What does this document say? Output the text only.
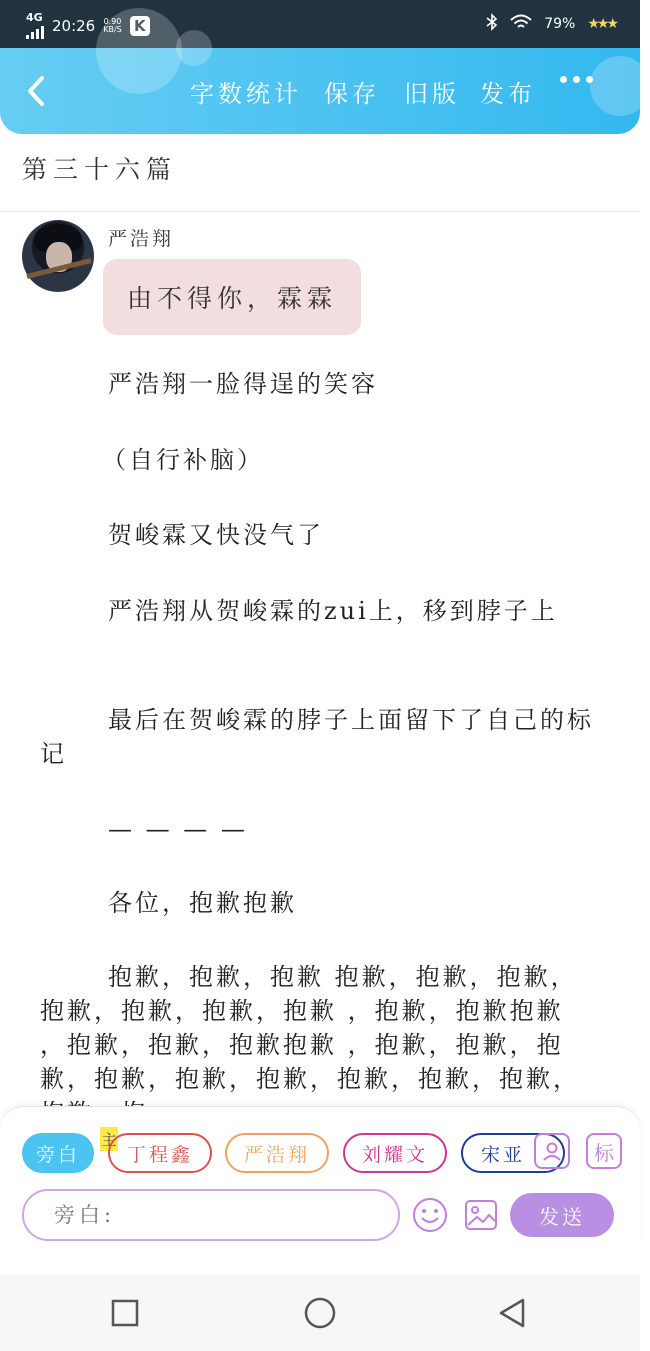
4G 20:26 0.90
KB/S K	79% ★★★
字数统计 保存 旧版 发布
第三十六篇
严浩翔
由不得你，霖霖

严浩翔一脸得逞的笑容

（自行补脑）

贺峻霖又快没气了

严浩翔从贺峻霖的zui上，移到脖子上

最后在贺峻霖的脖子上面留下了自己的标记

— — — —

各位，抱歉抱歉

抱歉，抱歉，抱歉 抱歉，抱歉，抱歉，抱歉，抱歉，抱歉，抱歉 ，抱歉，抱歉抱歉 ，抱歉，抱歉，抱歉抱歉 ，抱歉，抱歉，抱歉，抱歉，抱歉，抱歉，抱歉，抱歉，抱歉，

旁白
主
丁程鑫	严浩翔	刘耀文	宋亚	标
旁白:
发送
